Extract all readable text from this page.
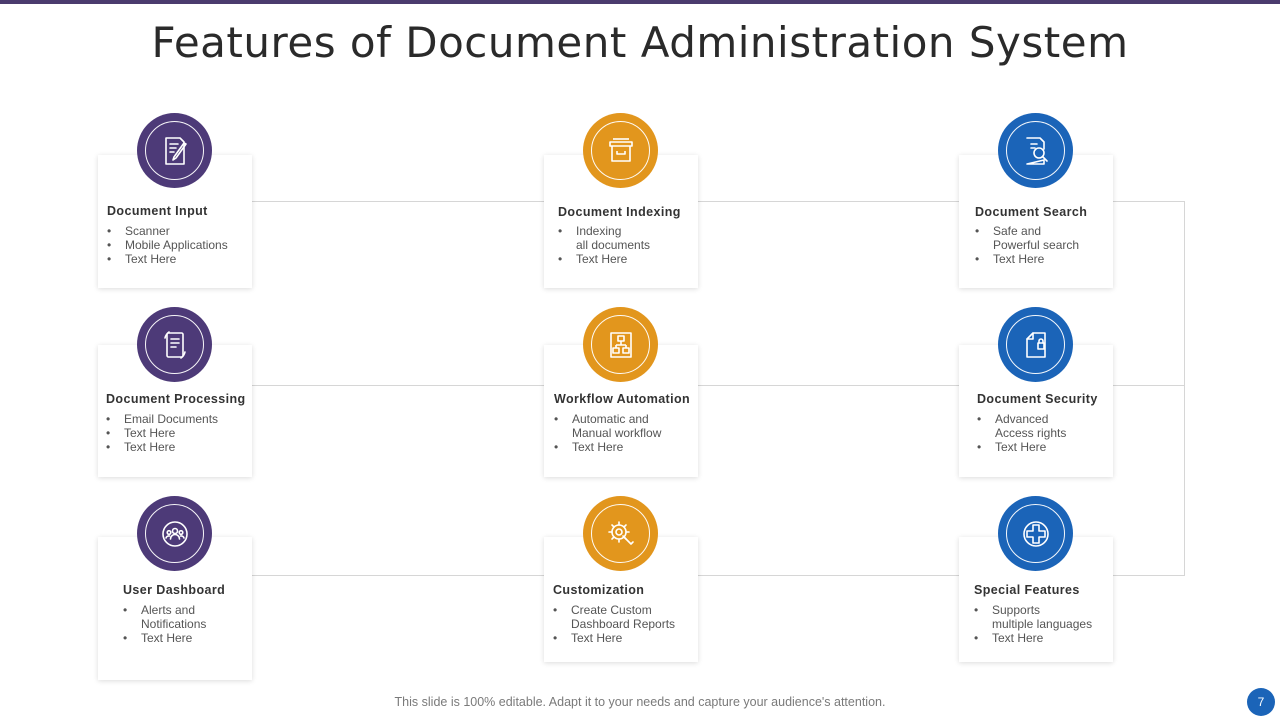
Features of Document Administration System
Document Input
• Scanner
• Mobile Applications
• Text Here
Document Indexing
• Indexing
all documents
• Text Here
Document Search
• Safe and
Powerful search
• Text Here
Document Processing
• Email Documents
• Text Here
• Text Here
Workflow Automation
• Automatic and
Manual workflow
• Text Here
Document Security
• Advanced
Access rights
• Text Here
User Dashboard
• Alerts and
Notifications
• Text Here
Customization
• Create Custom
Dashboard Reports
• Text Here
Special Features
• Supports
multiple languages
• Text Here
This slide is 100% editable. Adapt it to your needs and capture your audience's attention.	7
